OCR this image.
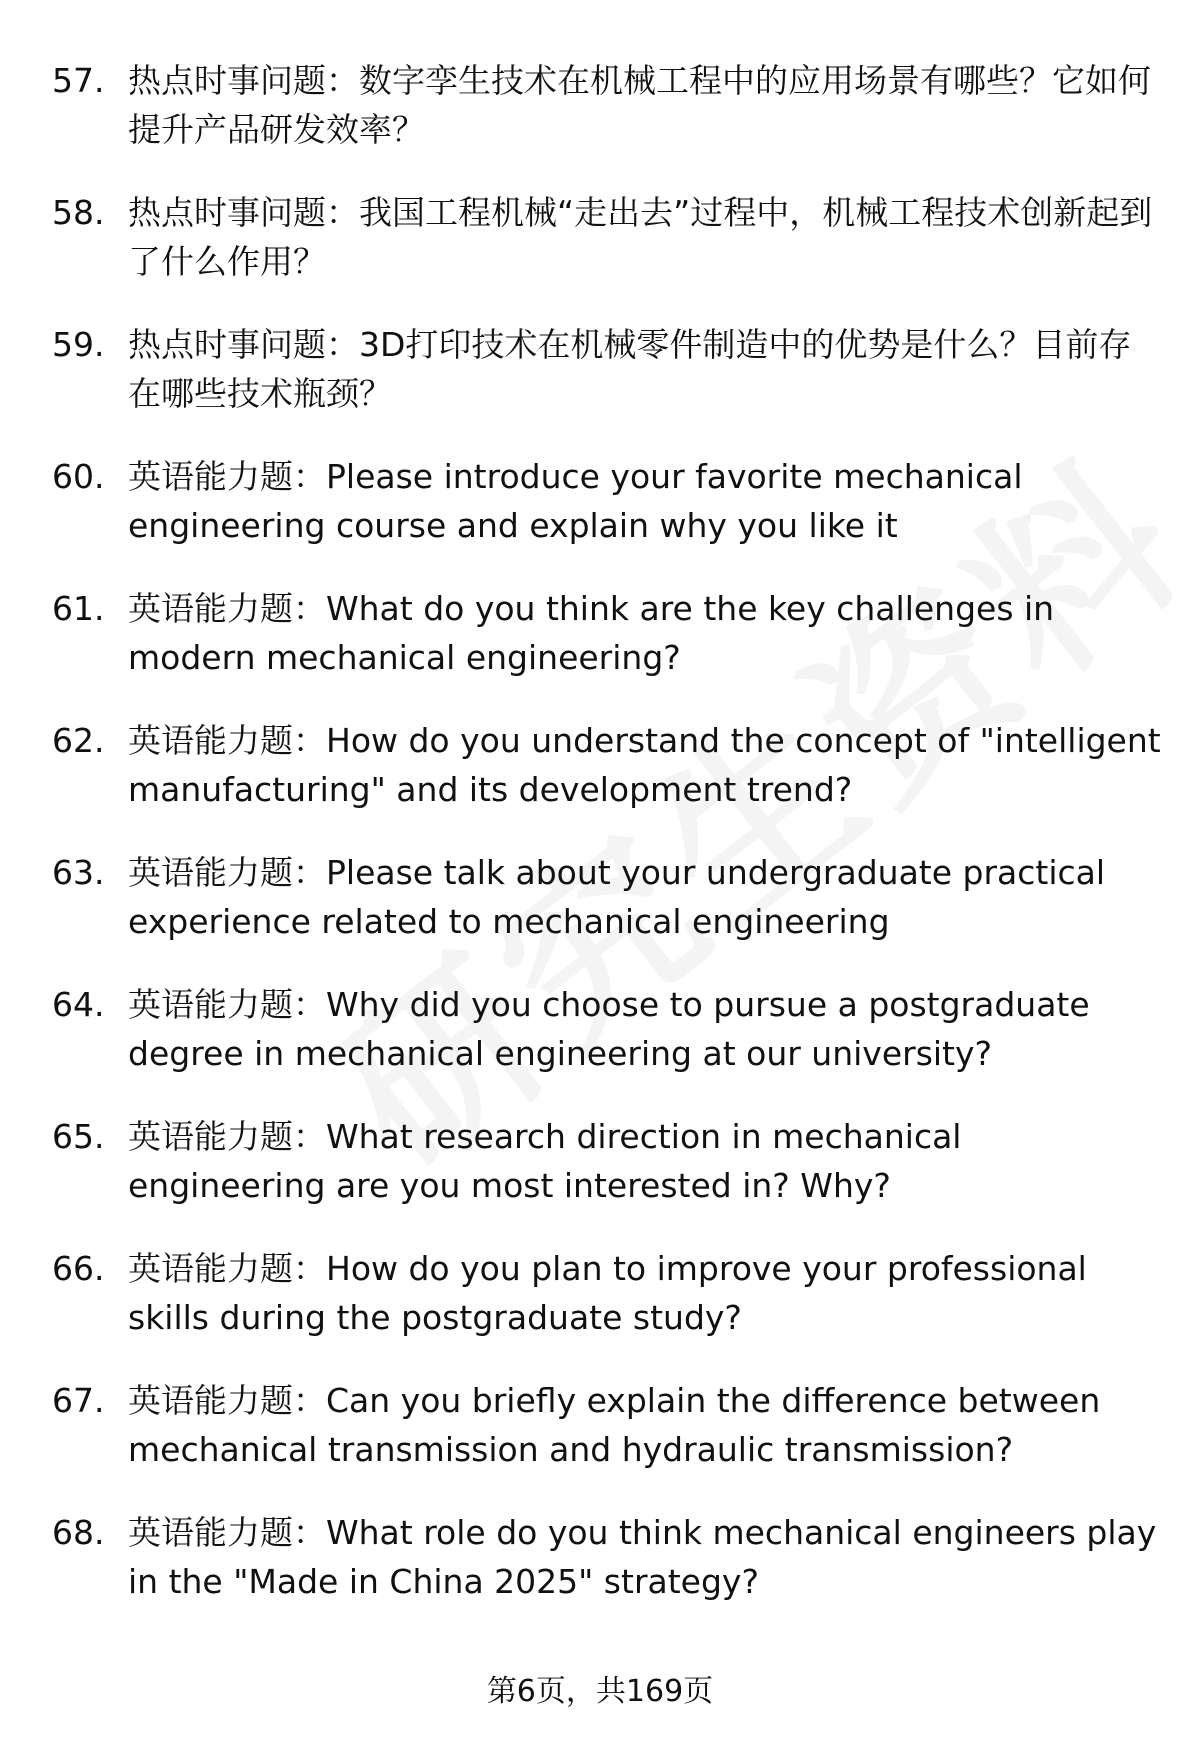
57. 热点时事问题：数字孪生技术在机械工程中的应用场景有哪些？它如何提升产品研发效率？
58. 热点时事问题：我国工程机械“走出去”过程中，机械工程技术创新起到了什么作用？
59. 热点时事问题：3D打印技术在机械零件制造中的优势是什么？目前存在哪些技术瓶颈？
60. 英语能力题：Please introduce your favorite mechanical engineering course and explain why you like it
61. 英语能力题：What do you think are the key challenges in modern mechanical engineering?
62. 英语能力题：How do you understand the concept of "intelligent manufacturing" and its development trend?
63. 英语能力题：Please talk about your undergraduate practical experience related to mechanical engineering
64. 英语能力题：Why did you choose to pursue a postgraduate degree in mechanical engineering at our university?
65. 英语能力题：What research direction in mechanical engineering are you most interested in? Why?
66. 英语能力题：How do you plan to improve your professional skills during the postgraduate study?
67. 英语能力题：Can you briefly explain the difference between mechanical transmission and hydraulic transmission?
68. 英语能力题：What role do you think mechanical engineers play in the "Made in China 2025" strategy?
第6页，共169页
